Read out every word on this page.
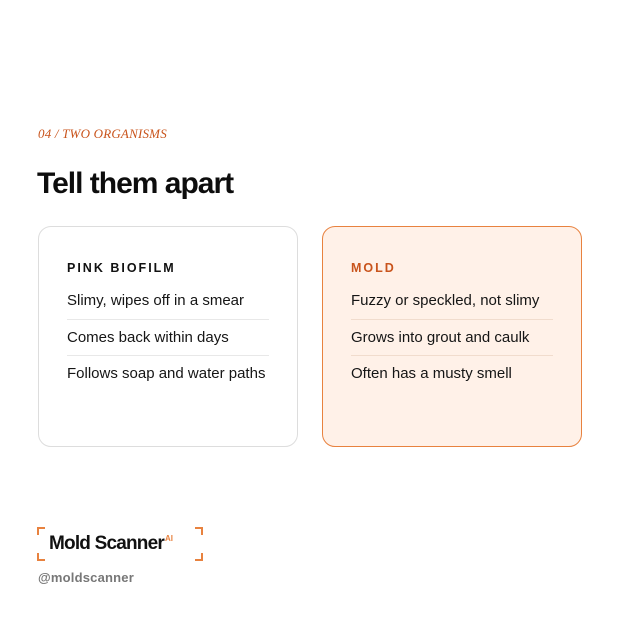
04 / TWO ORGANISMS
Tell them apart
PINK BIOFILM
Slimy, wipes off in a smear
Comes back within days
Follows soap and water paths
MOLD
Fuzzy or speckled, not slimy
Grows into grout and caulk
Often has a musty smell
Mold Scanner$^{AI}$
@moldscanner
